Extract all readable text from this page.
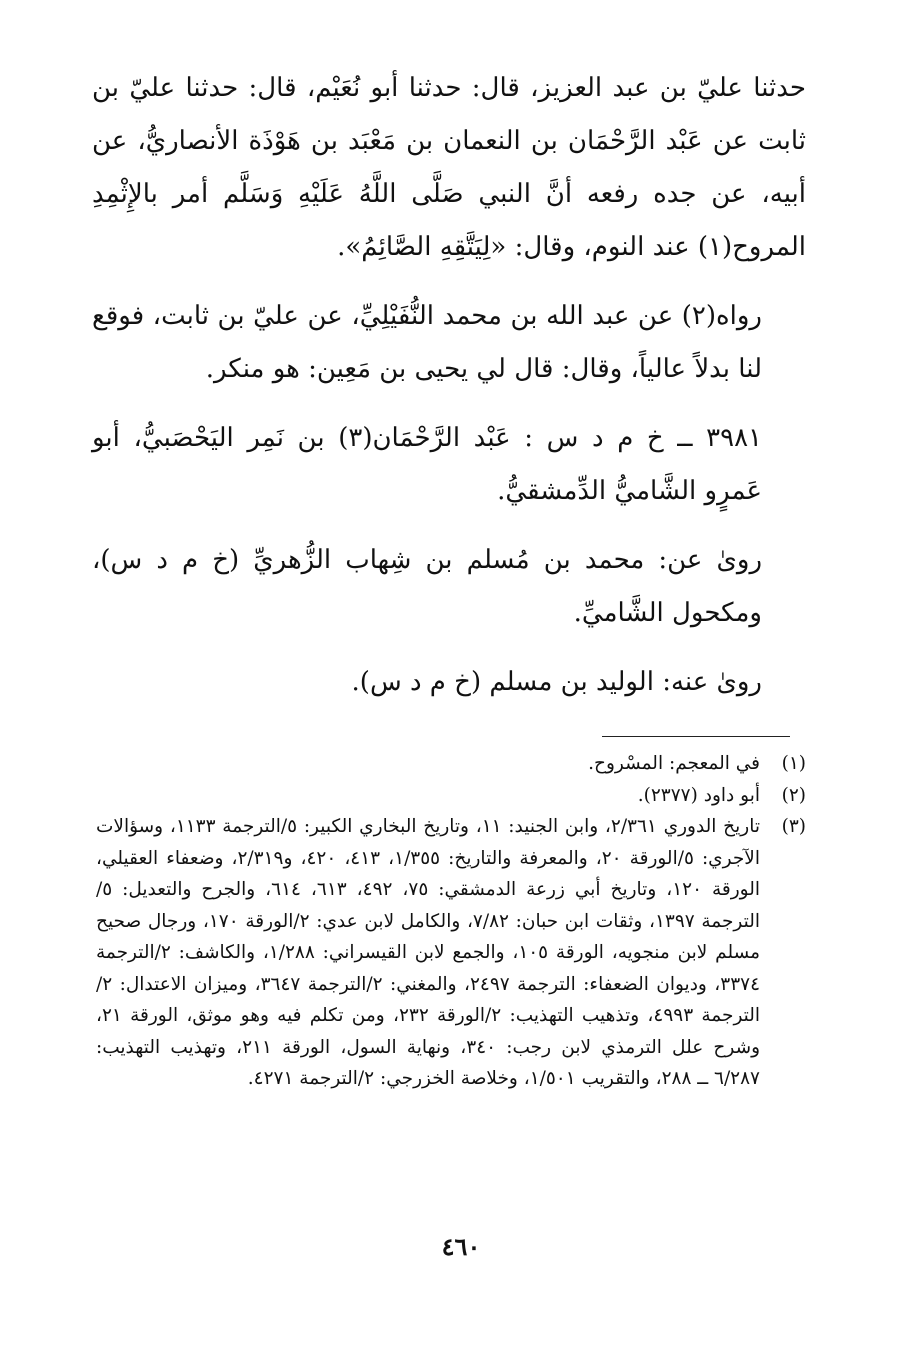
حدثنا عليّ بن عبد العزيز، قال: حدثنا أبو نُعَيْم، قال: حدثنا عليّ بن ثابت عن عَبْد الرَّحْمَان بن النعمان بن مَعْبَد بن هَوْذَة الأنصاريُّ، عن أبيه، عن جده رفعه أنَّ النبي صَلَّى اللَّهُ عَلَيْهِ وَسَلَّم أمر بالإِثْمِدِ المروح(١) عند النوم، وقال: «لِيَتَّقِهِ الصَّائِمُ».

رواه(٢) عن عبد الله بن محمد النُّفَيْلِيِّ، عن عليّ بن ثابت، فوقع لنا بدلاً عالياً، وقال: قال لي يحيى بن مَعِين: هو منكر.

٣٩٨١ ــ خ م د س : عَبْد الرَّحْمَان(٣) بن نَمِر اليَحْصَبيُّ، أبو عَمرٍو الشَّاميُّ الدِّمشقيُّ.

روىٰ عن: محمد بن مُسلم بن شِهاب الزُّهريِّ (خ م د س)، ومكحول الشَّاميِّ.

روىٰ عنه: الوليد بن مسلم (خ م د س).

(١)
في المعجم: المسْروح.
(٢)
أبو داود (٢٣٧٧).
(٣)
تاريخ الدوري ٢/٣٦١، وابن الجنيد: ١١، وتاريخ البخاري الكبير: ٥/الترجمة ١١٣٣، وسؤالات الآجري: ٥/الورقة ٢٠، والمعرفة والتاريخ: ١/٣٥٥، ٤١٣، ٤٢٠، و٢/٣١٩، وضعفاء العقيلي، الورقة ١٢٠، وتاريخ أبي زرعة الدمشقي: ٧٥، ٤٩٢، ٦١٣، ٦١٤، والجرح والتعديل: ٥/الترجمة ١٣٩٧، وثقات ابن حبان: ٧/٨٢، والكامل لابن عدي: ٢/الورقة ١٧٠، ورجال صحيح مسلم لابن منجويه، الورقة ١٠٥، والجمع لابن القيسراني: ١/٢٨٨، والكاشف: ٢/الترجمة ٣٣٧٤، وديوان الضعفاء: الترجمة ٢٤٩٧، والمغني: ٢/الترجمة ٣٦٤٧، وميزان الاعتدال: ٢/الترجمة ٤٩٩٣، وتذهيب التهذيب: ٢/الورقة ٢٣٢، ومن تكلم فيه وهو موثق، الورقة ٢١، وشرح علل الترمذي لابن رجب: ٣٤٠، ونهاية السول، الورقة ٢١١، وتهذيب التهذيب: ٦/٢٨٧ ــ ٢٨٨، والتقريب ١/٥٠١، وخلاصة الخزرجي: ٢/الترجمة ٤٢٧١.
٤٦٠
